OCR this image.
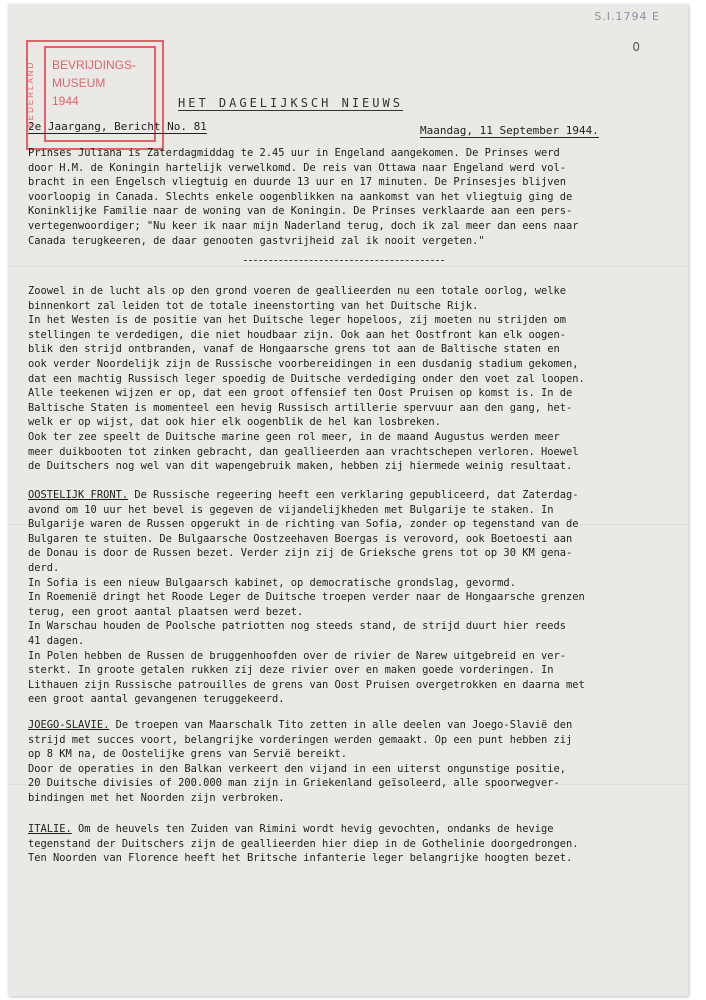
S.I.1794 E
0
NEDERLAND	BEVRIJDINGS-
MUSEUM
1944	HET DAGELIJKSCH NIEUWS
2e Jaargang, Bericht No. 81	Maandag, 11 September 1944.
Prinses Juliana is Zaterdagmiddag te 2.45 uur in Engeland aangekomen. De Prinses werd
door H.M. de Koningin hartelijk verwelkomd. De reis van Ottawa naar Engeland werd vol-
bracht in een Engelsch vliegtuig en duurde 13 uur en 17 minuten. De Prinsesjes blijven
voorloopig in Canada. Slechts enkele oogenblikken na aankomst van het vliegtuig ging de
Koninklijke Familie naar de woning van de Koningin. De Prinses verklaarde aan een pers-
vertegenwoordiger; "Nu keer ik naar mijn Naderland terug, doch ik zal meer dan eens naar
Canada terugkeeren, de daar genooten gastvrijheid zal ik nooit vergeten."
Zoowel in de lucht als op den grond voeren de geallieerden nu een totale oorlog, welke
binnenkort zal leiden tot de totale ineenstorting van het Duitsche Rijk.
In het Westen is de positie van het Duitsche leger hopeloos, zij moeten nu strijden om
stellingen te verdedigen, die niet houdbaar zijn. Ook aan het Oostfront kan elk oogen-
blik den strijd ontbranden, vanaf de Hongaarsche grens tot aan de Baltische staten en
ook verder Noordelijk zijn de Russische voorbereidingen in een dusdanig stadium gekomen,
dat een machtig Russisch leger spoedig de Duitsche verdediging onder den voet zal loopen.
Alle teekenen wijzen er op, dat een groot offensief ten Oost Pruisen op komst is. In de
Baltische Staten is momenteel een hevig Russisch artillerie spervuur aan den gang, het-
welk er op wijst, dat ook hier elk oogenblik de hel kan losbreken.
Ook ter zee speelt de Duitsche marine geen rol meer, in de maand Augustus werden meer
meer duikbooten tot zinken gebracht, dan geallieerden aan vrachtschepen verloren. Hoewel
de Duitschers nog wel van dit wapengebruik maken, hebben zij hiermede weinig resultaat.
OOSTELIJK FRONT. De Russische regeering heeft een verklaring gepubliceerd, dat Zaterdag-
avond om 10 uur het bevel is gegeven de vijandelijkheden met Bulgarije te staken. In
Bulgarije waren de Russen opgerukt in de richting van Sofia, zonder op tegenstand van de
Bulgaren te stuiten. De Bulgaarsche Oostzeehaven Boergas is verovord, ook Boetoesti aan
de Donau is door de Russen bezet. Verder zijn zij de Grieksche grens tot op 30 KM gena-
derd.
In Sofia is een nieuw Bulgaarsch kabinet, op democratische grondslag, gevormd.
In Roemenië dringt het Roode Leger de Duitsche troepen verder naar de Hongaarsche grenzen
terug, een groot aantal plaatsen werd bezet.
In Warschau houden de Poolsche patriotten nog steeds stand, de strijd duurt hier reeds
41 dagen.
In Polen hebben de Russen de bruggenhoofden over de rivier de Narew uitgebreid en ver-
sterkt. In groote getalen rukken zij deze rivier over en maken goede vorderingen. In
Lithauen zijn Russische patrouilles de grens van Oost Pruisen overgetrokken en daarna met
een groot aantal gevangenen teruggekeerd.
JOEGO-SLAVIE. De troepen van Maarschalk Tito zetten in alle deelen van Joego-Slavië den
strijd met succes voort, belangrijke vorderingen werden gemaakt. Op een punt hebben zij
op 8 KM na, de Oostelijke grens van Servië bereikt.
Door de operaties in den Balkan verkeert den vijand in een uiterst ongunstige positie,
20 Duitsche divisies of 200.000 man zijn in Griekenland geïsoleerd, alle spoorwegver-
bindingen met het Noorden zijn verbroken.
ITALIE. Om de heuvels ten Zuiden van Rimini wordt hevig gevochten, ondanks de hevige
tegenstand der Duitschers zijn de geallieerden hier diep in de Gothelinie doorgedrongen.
Ten Noorden van Florence heeft het Britsche infanterie leger belangrijke hoogten bezet.
